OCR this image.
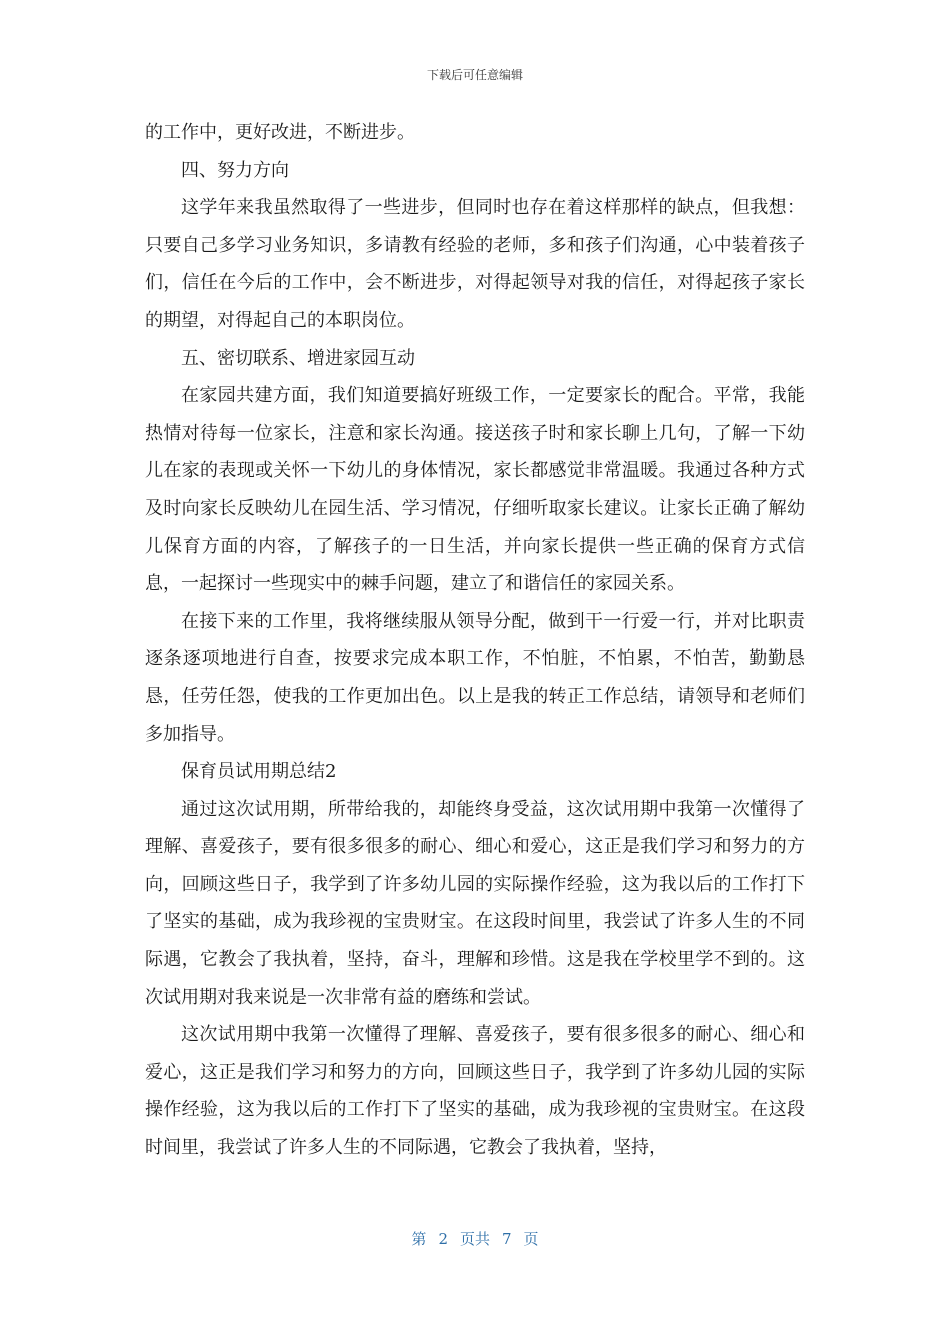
下载后可任意编辑

的工作中，更好改进，不断进步。

四、努力方向

这学年来我虽然取得了一些进步，但同时也存在着这样那样的缺点，但我想：只要自己多学习业务知识，多请教有经验的老师，多和孩子们沟通，心中装着孩子们，信任在今后的工作中，会不断进步，对得起领导对我的信任，对得起孩子家长的期望，对得起自己的本职岗位。

五、密切联系、增进家园互动

在家园共建方面，我们知道要搞好班级工作，一定要家长的配合。平常，我能热情对待每一位家长，注意和家长沟通。接送孩子时和家长聊上几句，了解一下幼儿在家的表现或关怀一下幼儿的身体情况，家长都感觉非常温暖。我通过各种方式及时向家长反映幼儿在园生活、学习情况，仔细听取家长建议。让家长正确了解幼儿保育方面的内容，了解孩子的一日生活，并向家长提供一些正确的保育方式信息，一起探讨一些现实中的棘手问题，建立了和谐信任的家园关系。

在接下来的工作里，我将继续服从领导分配，做到干一行爱一行，并对比职责逐条逐项地进行自查，按要求完成本职工作，不怕脏，不怕累，不怕苦，勤勤恳恳，任劳任怨，使我的工作更加出色。以上是我的转正工作总结，请领导和老师们多加指导。

保育员试用期总结2

通过这次试用期，所带给我的，却能终身受益，这次试用期中我第一次懂得了理解、喜爱孩子，要有很多很多的耐心、细心和爱心，这正是我们学习和努力的方向，回顾这些日子，我学到了许多幼儿园的实际操作经验，这为我以后的工作打下了坚实的基础，成为我珍视的宝贵财宝。在这段时间里，我尝试了许多人生的不同际遇，它教会了我执着，坚持，奋斗，理解和珍惜。这是我在学校里学不到的。这次试用期对我来说是一次非常有益的磨练和尝试。

这次试用期中我第一次懂得了理解、喜爱孩子，要有很多很多的耐心、细心和爱心，这正是我们学习和努力的方向，回顾这些日子，我学到了许多幼儿园的实际操作经验，这为我以后的工作打下了坚实的基础，成为我珍视的宝贵财宝。在这段时间里，我尝试了许多人生的不同际遇，它教会了我执着，坚持，

第 2 页共 7 页
